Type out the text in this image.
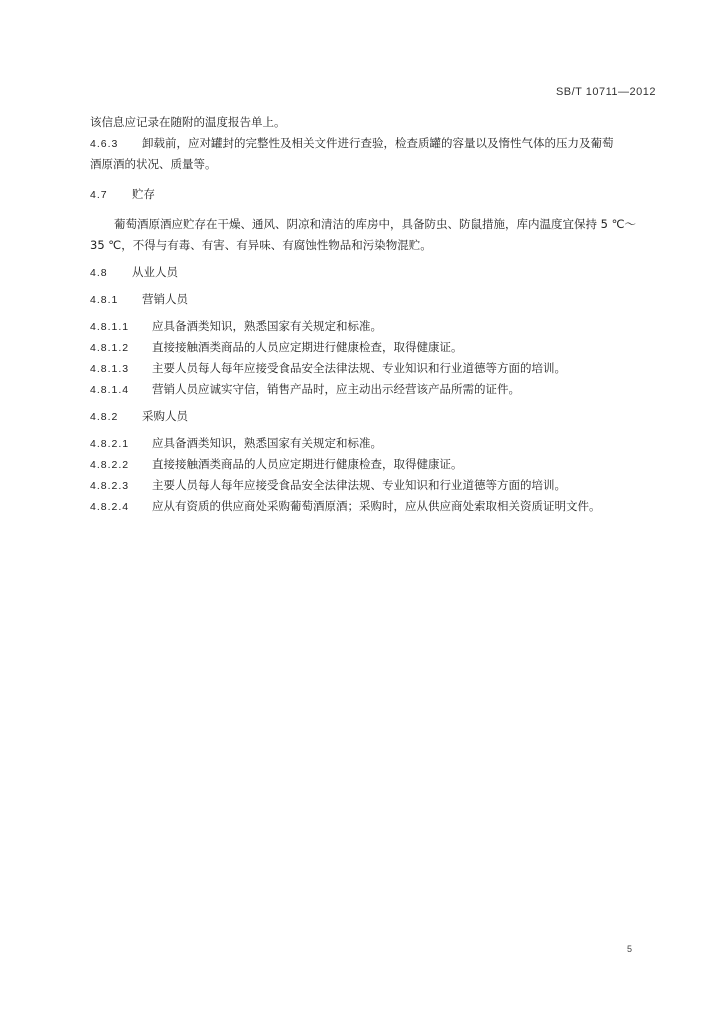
SB/T 10711—2012
该信息应记录在随附的温度报告单上。
4.6.3 卸载前，应对罐封的完整性及相关文件进行查验，检查质罐的容量以及惰性气体的压力及葡萄
酒原酒的状况、质量等。
4.7 贮存
葡萄酒原酒应贮存在干燥、通风、阴凉和清洁的库房中，具备防虫、防鼠措施，库内温度宜保持 5 ℃～
35 ℃，不得与有毒、有害、有异味、有腐蚀性物品和污染物混贮。
4.8 从业人员
4.8.1 营销人员
4.8.1.1 应具备酒类知识，熟悉国家有关规定和标准。
4.8.1.2 直接接触酒类商品的人员应定期进行健康检查，取得健康证。
4.8.1.3 主要人员每人每年应接受食品安全法律法规、专业知识和行业道德等方面的培训。
4.8.1.4 营销人员应诚实守信，销售产品时，应主动出示经营该产品所需的证件。
4.8.2 采购人员
4.8.2.1 应具备酒类知识，熟悉国家有关规定和标准。
4.8.2.2 直接接触酒类商品的人员应定期进行健康检查，取得健康证。
4.8.2.3 主要人员每人每年应接受食品安全法律法规、专业知识和行业道德等方面的培训。
4.8.2.4 应从有资质的供应商处采购葡萄酒原酒；采购时，应从供应商处索取相关资质证明文件。
5
